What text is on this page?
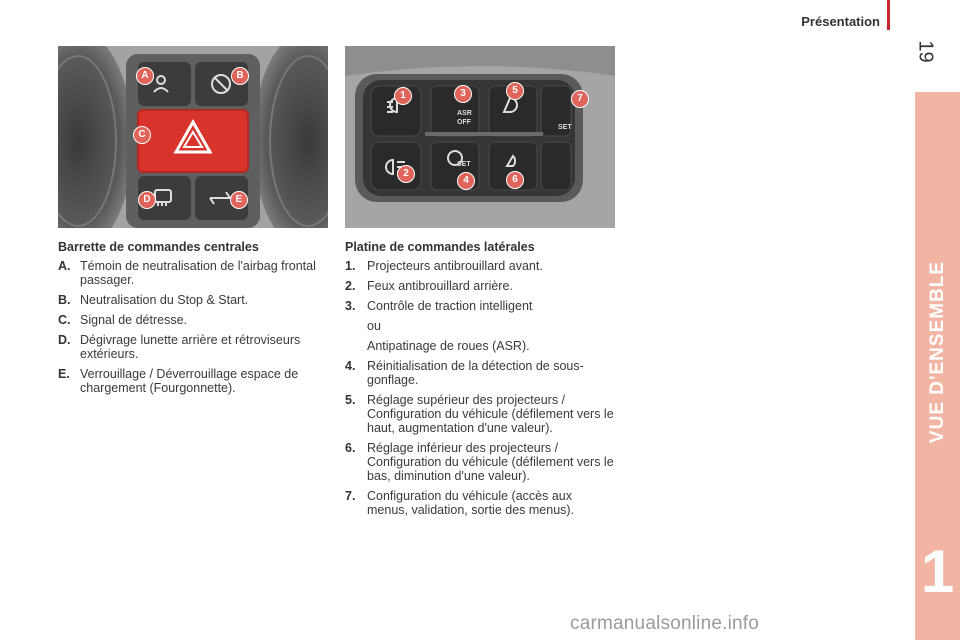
Présentation
19
VUE D'ENSEMBLE
1
A	B
C
D	E
ASR
OFF
SET
SET
1
2
3
4
5
6
7
Barrette de commandes centrales
A. Témoin de neutralisation de l'airbag frontal passager.
B. Neutralisation du Stop & Start.
C. Signal de détresse.
D. Dégivrage lunette arrière et rétroviseurs extérieurs.
E. Verrouillage / Déverrouillage espace de chargement (Fourgonnette).
Platine de commandes latérales
1. Projecteurs antibrouillard avant.
2. Feux antibrouillard arrière.
3. Contrôle de traction intelligent
ou
Antipatinage de roues (ASR).
4. Réinitialisation de la détection de sous-gonflage.
5. Réglage supérieur des projecteurs / Configuration du véhicule (défilement vers le haut, augmentation d'une valeur).
6. Réglage inférieur des projecteurs / Configuration du véhicule (défilement vers le bas, diminution d'une valeur).
7. Configuration du véhicule (accès aux menus, validation, sortie des menus).
carmanualsonline.info
